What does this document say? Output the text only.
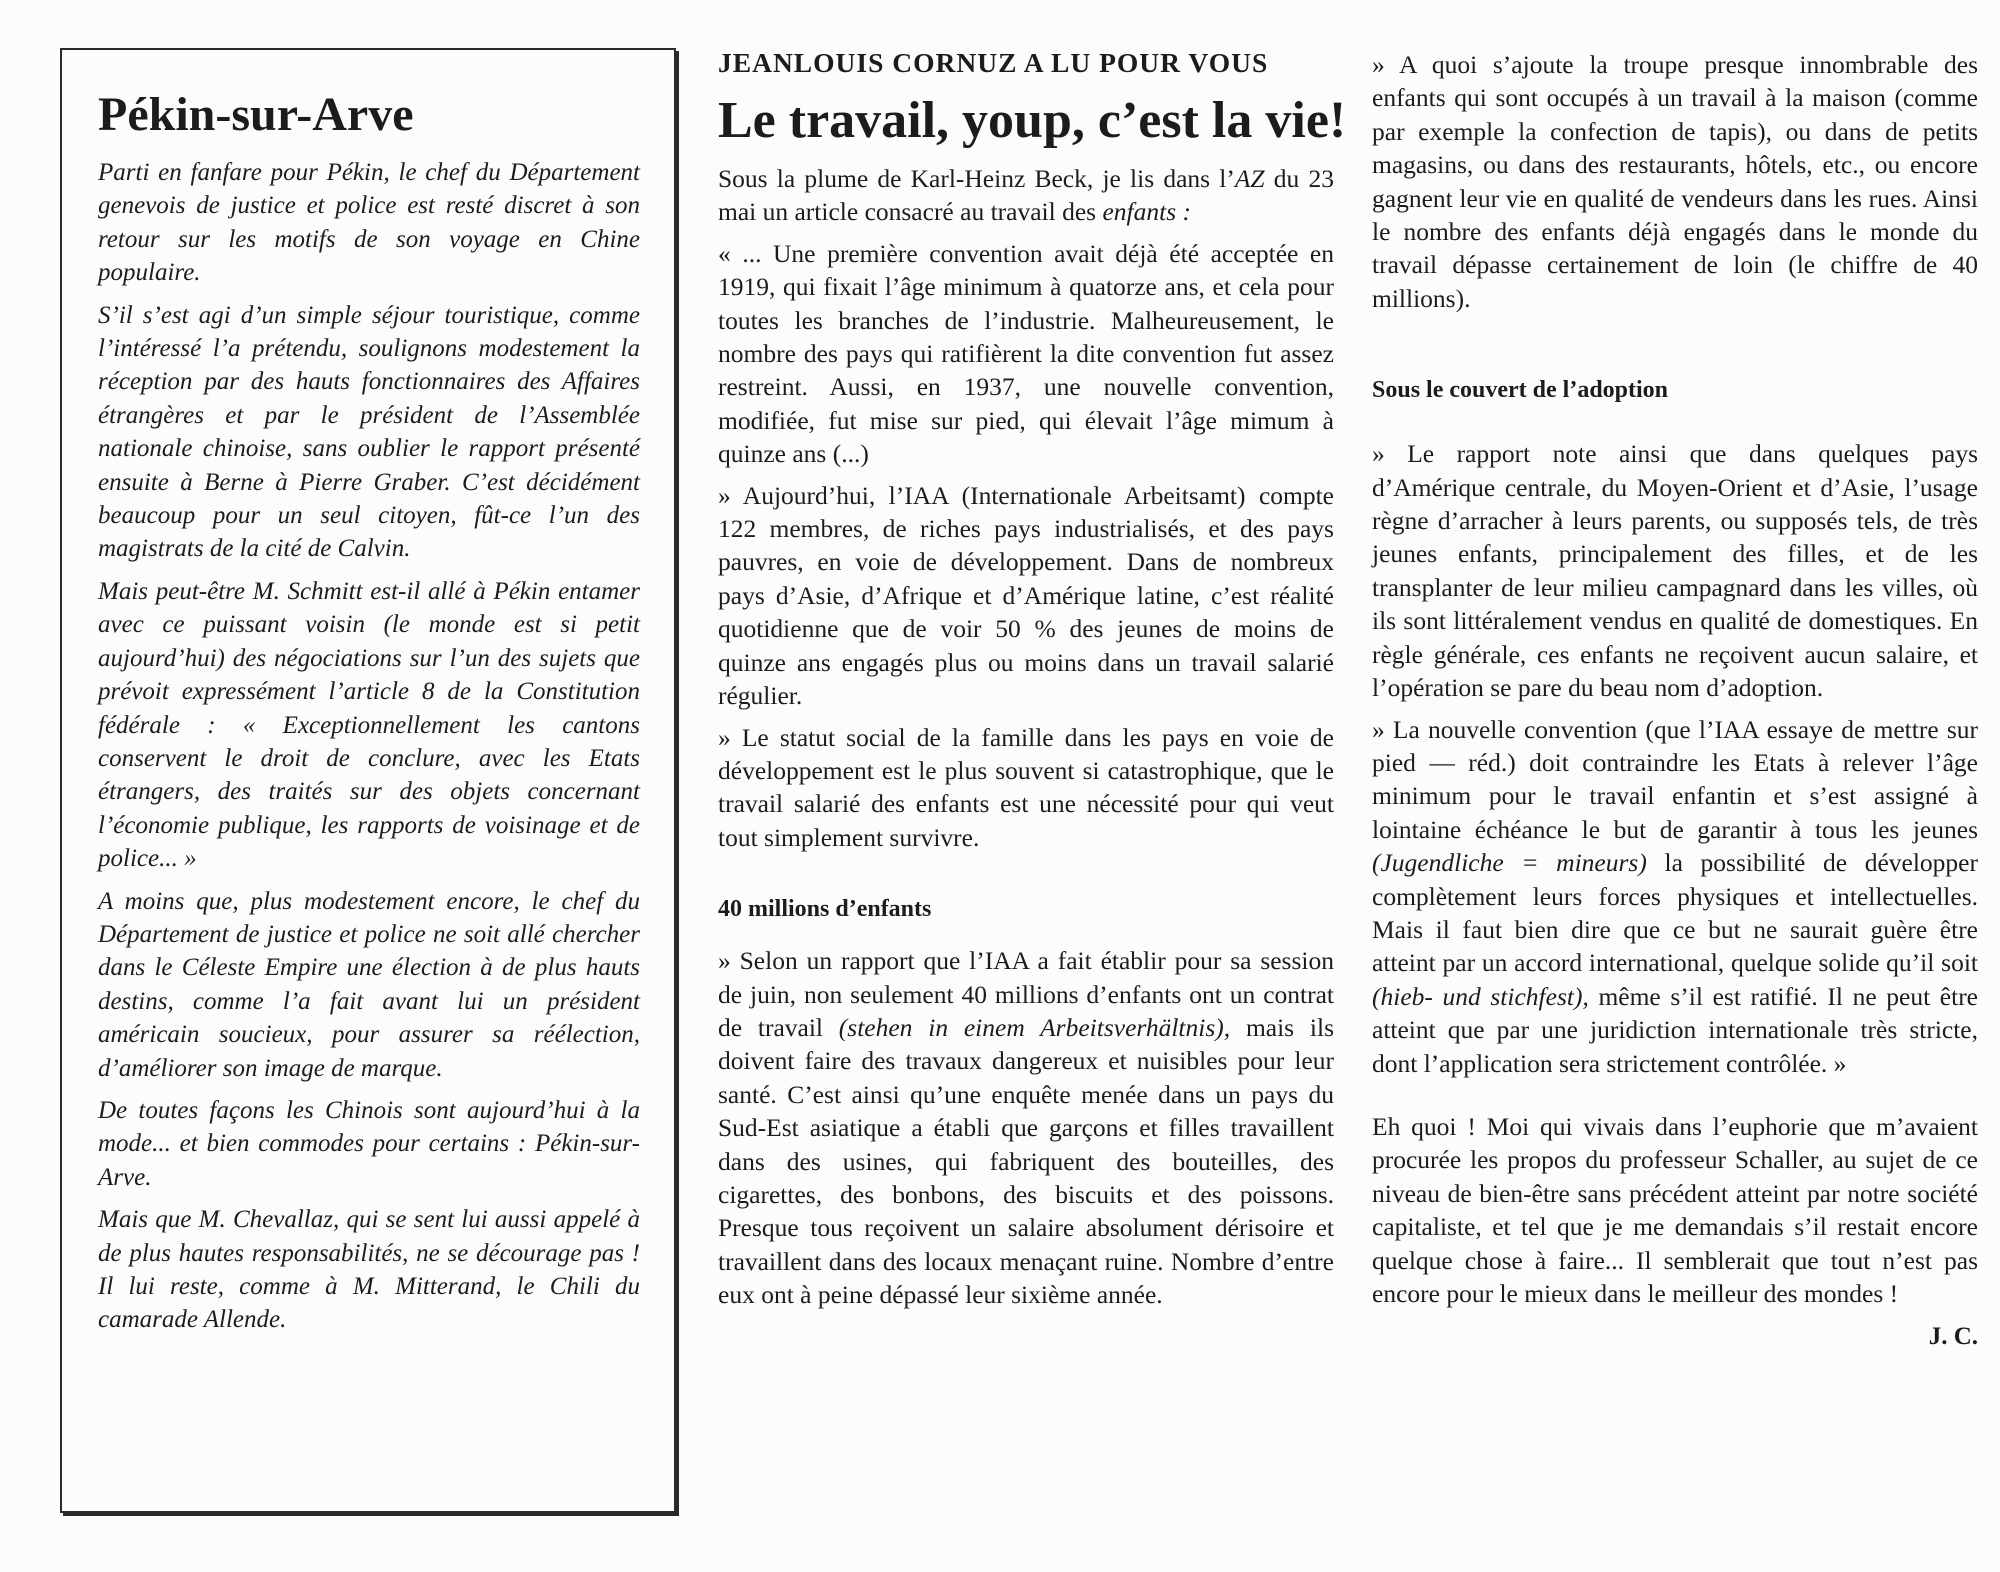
Pékin-sur-Arve

Parti en fanfare pour Pékin, le chef du Département genevois de justice et police est resté discret à son retour sur les motifs de son voyage en Chine populaire.

S’il s’est agi d’un simple séjour touristique, comme l’intéressé l’a prétendu, soulignons modestement la réception par des hauts fonctionnaires des Affaires étrangères et par le président de l’Assemblée nationale chinoise, sans oublier le rapport présenté ensuite à Berne à Pierre Graber. C’est décidément beaucoup pour un seul citoyen, fût-ce l’un des magistrats de la cité de Calvin.

Mais peut-être M. Schmitt est-il allé à Pékin entamer avec ce puissant voisin (le monde est si petit aujourd’hui) des négociations sur l’un des sujets que prévoit expressément l’article 8 de la Constitution fédérale : « Exceptionnellement les cantons conservent le droit de conclure, avec les Etats étrangers, des traités sur des objets concernant l’économie publique, les rapports de voisinage et de police... »

A moins que, plus modestement encore, le chef du Département de justice et police ne soit allé chercher dans le Céleste Empire une élection à de plus hauts destins, comme l’a fait avant lui un président américain soucieux, pour assurer sa réélection, d’améliorer son image de marque.

De toutes façons les Chinois sont aujourd’hui à la mode... et bien commodes pour certains : Pékin-sur-Arve.

Mais que M. Chevallaz, qui se sent lui aussi appelé à de plus hautes responsabilités, ne se décourage pas ! Il lui reste, comme à M. Mitterand, le Chili du camarade Allende.

JEANLOUIS CORNUZ A LU POUR VOUS
Le travail, youp, c’est la vie!

Sous la plume de Karl-Heinz Beck, je lis dans l’AZ du 23 mai un article consacré au travail des enfants :

« ... Une première convention avait déjà été acceptée en 1919, qui fixait l’âge minimum à quatorze ans, et cela pour toutes les branches de l’industrie. Malheureusement, le nombre des pays qui ratifièrent la dite convention fut assez restreint. Aussi, en 1937, une nouvelle convention, modifiée, fut mise sur pied, qui élevait l’âge mimum à quinze ans (...)

» Aujourd’hui, l’IAA (Internationale Arbeitsamt) compte 122 membres, de riches pays industrialisés, et des pays pauvres, en voie de développement. Dans de nombreux pays d’Asie, d’Afrique et d’Amérique latine, c’est réalité quotidienne que de voir 50 % des jeunes de moins de quinze ans engagés plus ou moins dans un travail salarié régulier.

» Le statut social de la famille dans les pays en voie de développement est le plus souvent si catastrophique, que le travail salarié des enfants est une nécessité pour qui veut tout simplement survivre.

40 millions d’enfants

» Selon un rapport que l’IAA a fait établir pour sa session de juin, non seulement 40 millions d’enfants ont un contrat de travail (stehen in einem Arbeitsverhältnis), mais ils doivent faire des travaux dangereux et nuisibles pour leur santé. C’est ainsi qu’une enquête menée dans un pays du Sud-Est asiatique a établi que garçons et filles travaillent dans des usines, qui fabriquent des bouteilles, des cigarettes, des bonbons, des biscuits et des poissons. Presque tous reçoivent un salaire absolument dérisoire et travaillent dans des locaux menaçant ruine. Nombre d’entre eux ont à peine dépassé leur sixième année.

» A quoi s’ajoute la troupe presque innombrable des enfants qui sont occupés à un travail à la maison (comme par exemple la confection de tapis), ou dans de petits magasins, ou dans des restaurants, hôtels, etc., ou encore gagnent leur vie en qualité de vendeurs dans les rues. Ainsi le nombre des enfants déjà engagés dans le monde du travail dépasse certainement de loin (le chiffre de 40 millions).

Sous le couvert de l’adoption

» Le rapport note ainsi que dans quelques pays d’Amérique centrale, du Moyen-Orient et d’Asie, l’usage règne d’arracher à leurs parents, ou supposés tels, de très jeunes enfants, principalement des filles, et de les transplanter de leur milieu campagnard dans les villes, où ils sont littéralement vendus en qualité de domestiques. En règle générale, ces enfants ne reçoivent aucun salaire, et l’opération se pare du beau nom d’adoption.

» La nouvelle convention (que l’IAA essaye de mettre sur pied — réd.) doit contraindre les Etats à relever l’âge minimum pour le travail enfantin et s’est assigné à lointaine échéance le but de garantir à tous les jeunes (Jugendliche = mineurs) la possibilité de développer complètement leurs forces physiques et intellectuelles. Mais il faut bien dire que ce but ne saurait guère être atteint par un accord international, quelque solide qu’il soit (hieb- und stichfest), même s’il est ratifié. Il ne peut être atteint que par une juridiction internationale très stricte, dont l’application sera strictement contrôlée. »

Eh quoi ! Moi qui vivais dans l’euphorie que m’avaient procurée les propos du professeur Schaller, au sujet de ce niveau de bien-être sans précédent atteint par notre société capitaliste, et tel que je me demandais s’il restait encore quelque chose à faire... Il semblerait que tout n’est pas encore pour le mieux dans le meilleur des mondes !

J. C.
